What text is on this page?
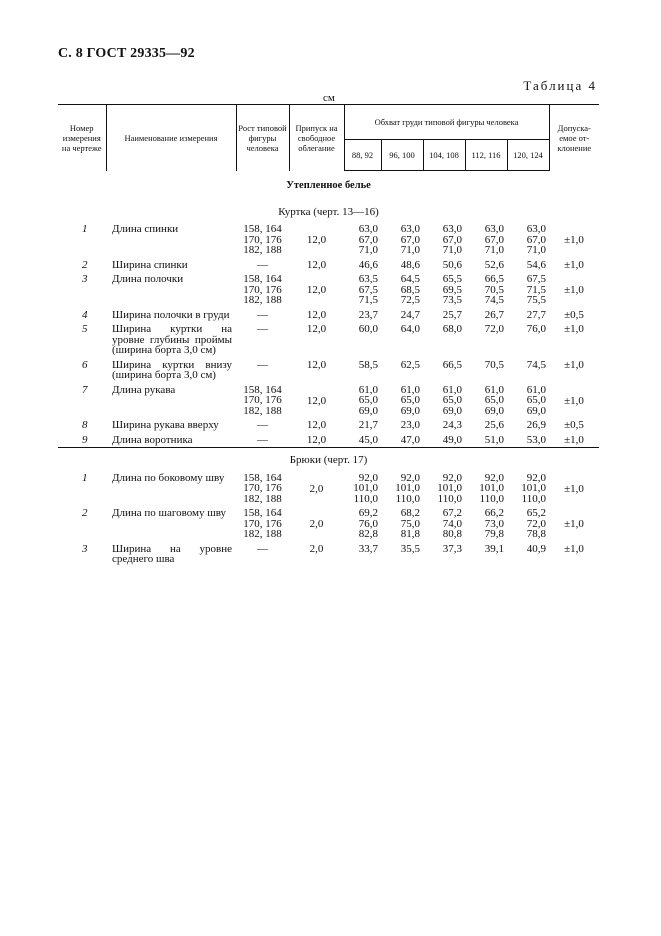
С. 8 ГОСТ 29335—92
Таблица 4
см
Номер измерения на чертеже	Наименование измерения	Рост типовой фигуры человека	Припуск на свободное облегание	Обхват груди типовой фигуры человека					Допускаемое отклонение
				88, 92	96, 100	104, 108	112, 116	120, 124	
Утепленное белье									
Куртка (черт. 13—16)									
1	Длина спинки	158, 164
170, 176
182, 188	12,0	63,0
67,0
71,0	63,0
67,0
71,0	63,0
67,0
71,0	63,0
67,0
71,0	63,0
67,0
71,0	±1,0
2	Ширина спинки	—	12,0	46,6	48,6	50,6	52,6	54,6	±1,0
3	Длина полочки	158, 164
170, 176
182, 188	12,0	63,5
67,5
71,5	64,5
68,5
72,5	65,5
69,5
73,5	66,5
70,5
74,5	67,5
71,5
75,5	±1,0
4	Ширина полочки в груди	—	12,0	23,7	24,7	25,7	26,7	27,7	±0,5
5	Ширина куртки на уровне глубины проймы (ширина борта 3,0 см)	—	12,0	60,0	64,0	68,0	72,0	76,0	±1,0
6	Ширина куртки внизу (ширина борта 3,0 см)	—	12,0	58,5	62,5	66,5	70,5	74,5	±1,0
7	Длина рукава	158, 164
170, 176
182, 188	12,0	61,0
65,0
69,0	61,0
65,0
69,0	61,0
65,0
69,0	61,0
65,0
69,0	61,0
65,0
69,0	±1,0
8	Ширина рукава вверху	—	12,0	21,7	23,0	24,3	25,6	26,9	±0,5
9	Длина воротника	—	12,0	45,0	47,0	49,0	51,0	53,0	±1,0
Брюки (черт. 17)									
1	Длина по боковому шву	158, 164
170, 176
182, 188	2,0	92,0
101,0
110,0	92,0
101,0
110,0	92,0
101,0
110,0	92,0
101,0
110,0	92,0
101,0
110,0	±1,0
2	Длина по шаговому шву	158, 164
170, 176
182, 188	2,0	69,2
76,0
82,8	68,2
75,0
81,8	67,2
74,0
80,8	66,2
73,0
79,8	65,2
72,0
78,8	±1,0
3	Ширина на уровне среднего шва	—	2,0	33,7	35,5	37,3	39,1	40,9	±1,0
